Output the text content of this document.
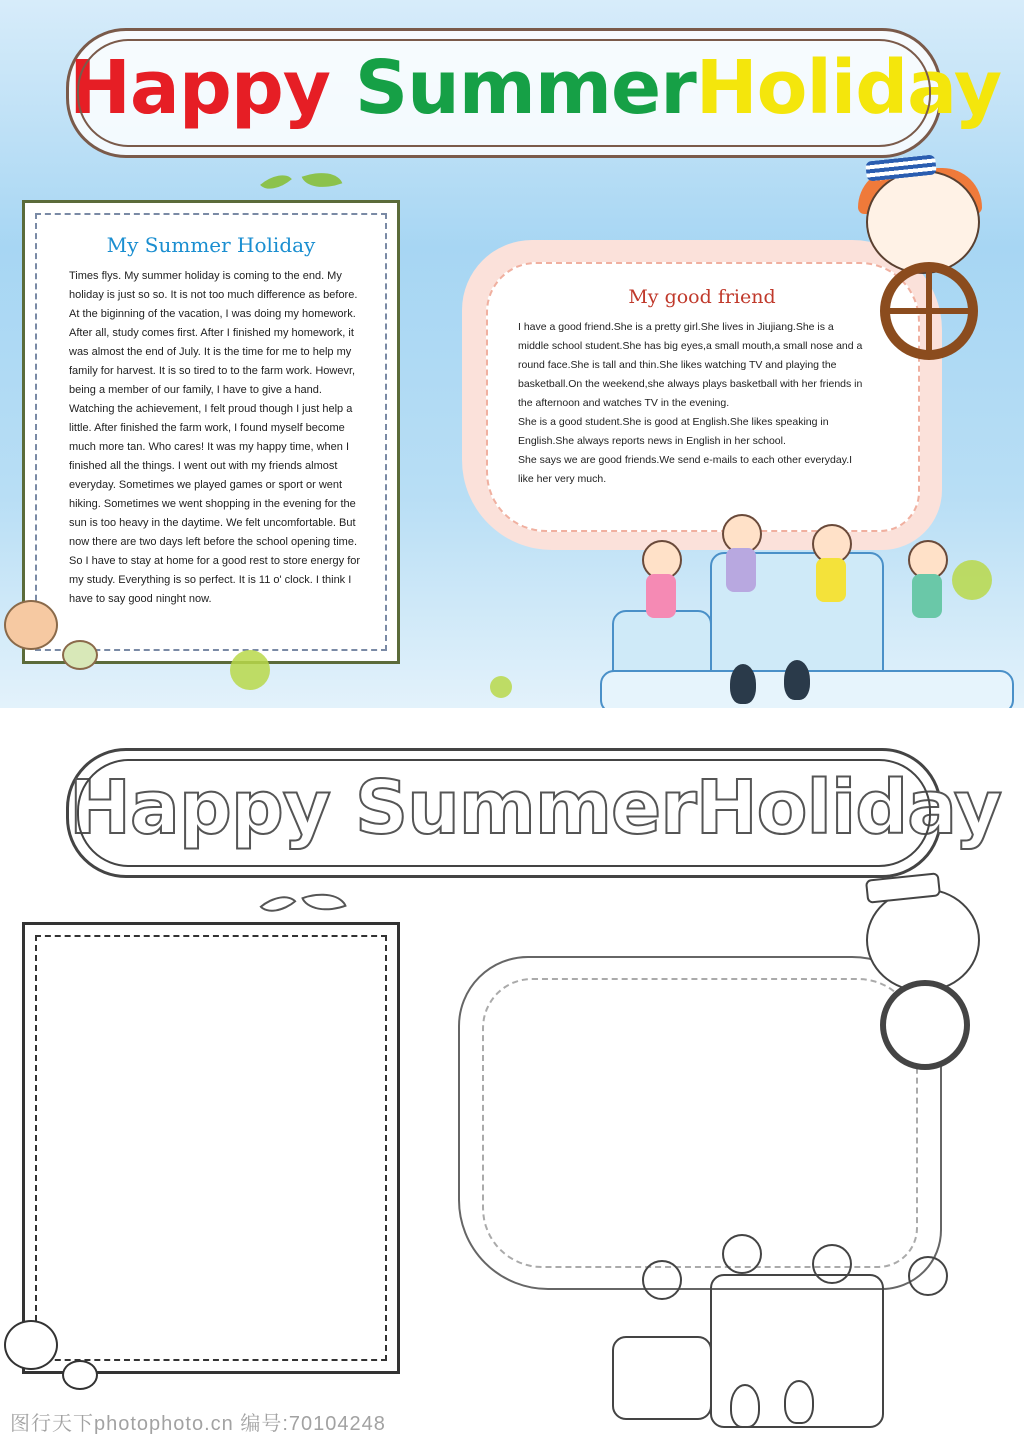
Happy SummerHoliday
My Summer Holiday
Times flys. My summer holiday is coming to the end. My holiday is just so so. It is not too much difference as before. At the biginning of the vacation, I was doing my homework. After all, study comes first. After I finished my homework, it was almost the end of July. It is the time for me to help my family for harvest. It is so tired to to the farm work. Howevr, being a member of our family, I have to give a hand. Watching the achievement, I felt proud though I just help a little. After finished the farm work, I found myself become much more tan. Who cares! It was my happy time, when I finished all the things. I went out with my friends almost everyday. Sometimes we played games or sport or went hiking. Sometimes we went shopping in the evening for the sun is too heavy in the daytime. We felt uncomfortable. But now there are two days left before the school opening time. So I have to stay at home for a good rest to store energy for my study. Everything is so perfect. It is 11 o' clock. I think I have to say good ninght now.
My good friend
I have a good friend.She is a pretty girl.She lives in Jiujiang.She is a middle school student.She has big eyes,a small mouth,a small nose and a round face.She is tall and thin.She likes watching TV and playing the basketball.On the weekend,she always plays basketball with her friends in the afternoon and watches TV in the evening.
She is a good student.She is good at English.She likes speaking in English.She always reports news in English in her school.
She says we are good friends.We send e-mails to each other everyday.I like her very much.
Happy SummerHoliday
图行天下photophoto.cn 编号:70104248
